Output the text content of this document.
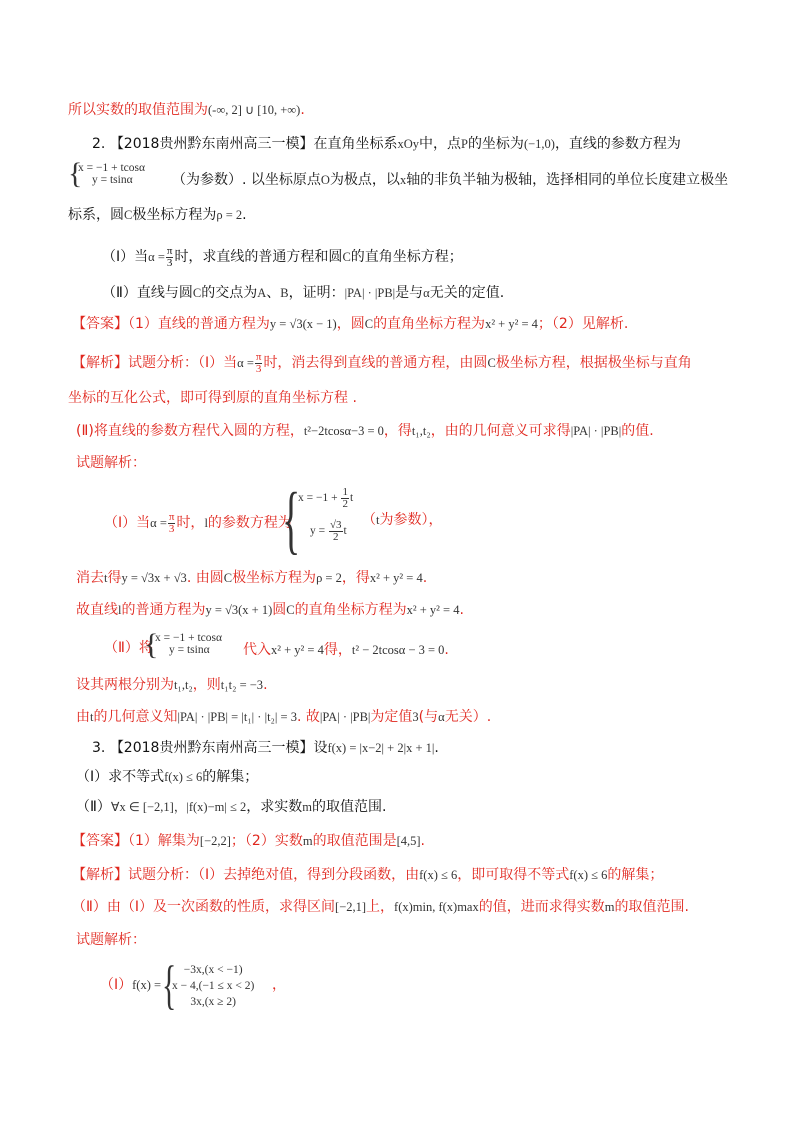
所以实数的取值范围为(-∞, 2] ∪ [10, +∞).
2. 【2018贵州黔东南州高三一模】在直角坐标系xOy中，点P的坐标为(−1,0)，直线的参数方程为
{
x = −1 + tcosα
y = tsinα	（为参数）. 以坐标原点O为极点，以x轴的非负半轴为极轴，选择相同的单位长度建立极坐
标系，圆C极坐标方程为ρ = 2.
（Ⅰ）当$\alpha = \frac{\pi}{3}$ 时，求直线的普通方程和圆C的直角坐标方程；
（Ⅱ）直线与圆C的交点为A、B，证明：|PA| · |PB|是与α无关的定值.
【答案】（1）直线的普通方程为y = √3(x − 1)，圆C的直角坐标方程为x² + y² = 4；（2）见解析.
【解析】试题分析：（Ⅰ）当$\alpha = \frac{\pi}{3}$ 时，消去得到直线的普通方程，由圆C极坐标方程，根据极坐标与直角
坐标的互化公式，即可得到原的直角坐标方程 .
(Ⅱ)将直线的参数方程代入圆的方程，t²−2tcosα−3 = 0，得t₁,t₂，由的几何意义可求得|PA| · |PB|的值.
试题解析：
（Ⅰ）当$\alpha = \frac{\pi}{3}$ 时，l的参数方程为
{
$x = -1 + \frac{1}{2}$ t
$y = \frac{√3}{2}$ t
（t为参数），
消去t得y = √3x + √3. 由圆C极坐标方程为ρ = 2，得x² + y² = 4.
故直线l的普通方程为y = √3(x + 1)圆C的直角坐标方程为x² + y² = 4.
（Ⅱ）将
{
x = −1 + tcosα
y = tsinα	代入x² + y² = 4得，t² − 2tcosα − 3 = 0.
设其两根分别为t₁,t₂，则t₁t₂ = −3.
由t的几何意义知|PA| · |PB| = |t₁| · |t₂| = 3. 故|PA| · |PB|为定值3(与α无关）.
3. 【2018贵州黔东南州高三一模】设f(x) = |x−2| + 2|x + 1|.
（Ⅰ）求不等式f(x) ≤ 6的解集；
（Ⅱ）∀x ∈ [−2,1]，|f(x)−m| ≤ 2，求实数m的取值范围.
【答案】（1）解集为[−2,2]；（2）实数m的取值范围是[4,5].
【解析】试题分析：（Ⅰ）去掉绝对值，得到分段函数，由f(x) ≤ 6，即可取得不等式f(x) ≤ 6的解集；
（Ⅱ）由（Ⅰ）及一次函数的性质，求得区间[−2,1]上，f(x)min, f(x)max的值，进而求得实数m的取值范围.
试题解析：
（Ⅰ）f(x) = { −3x,(x < −1)
x − 4,(−1 ≤ x < 2)
3x,(x ≥ 2)
，
